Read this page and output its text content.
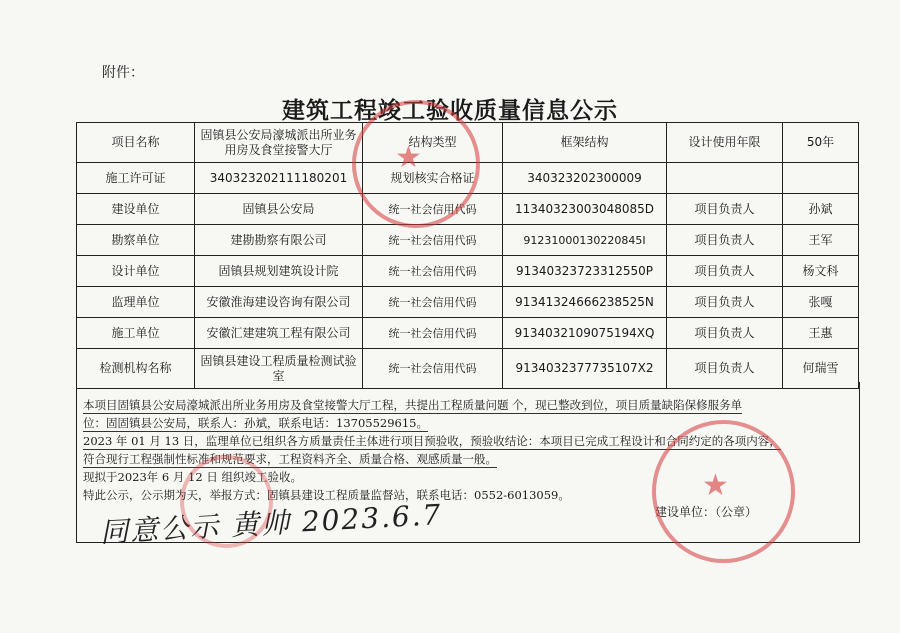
附件：
建筑工程竣工验收质量信息公示
项目名称	固镇县公安局濠城派出所业务用房及食堂接警大厅	结构类型	框架结构	设计使用年限	50年
施工许可证	340323202111180201	规划核实合格证	340323202300009		
建设单位	固镇县公安局	统一社会信用代码	11340323003048085D	项目负责人	孙斌
勘察单位	建勘勘察有限公司	统一社会信用代码	91231000130220845I	项目负责人	王军
设计单位	固镇县规划建筑设计院	统一社会信用代码	91340323723312550P	项目负责人	杨文科
监理单位	安徽淮海建设咨询有限公司	统一社会信用代码	91341324666238525N	项目负责人	张嘎
施工单位	安徽汇建建筑工程有限公司	统一社会信用代码	9134032109075194XQ	项目负责人	王惠
检测机构名称	固镇县建设工程质量检测试验室	统一社会信用代码	9134032377735107X2	项目负责人	何瑞雪
本项目固镇县公安局濠城派出所业务用房及食堂接警大厅工程，共提出工程质量问题 个，现已整改到位，项目质量缺陷保修服务单
位：固固镇县公安局，联系人：孙斌，联系电话：13705529615。
2023 年 01 月 13 日，监理单位已组织各方质量责任主体进行项目预验收，预验收结论：本项目已完成工程设计和合同约定的各项内容，
符合现行工程强制性标准和规范要求，工程资料齐全、质量合格、观感质量一般。
现拟于2023年 6 月 12 日 组织竣工验收。
特此公示，公示期为天，举报方式：固镇县建设工程质量监督站，联系电话：0552-6013059。
同意公示 黄帅 2023.6.7	建设单位：（公章）
★
★
